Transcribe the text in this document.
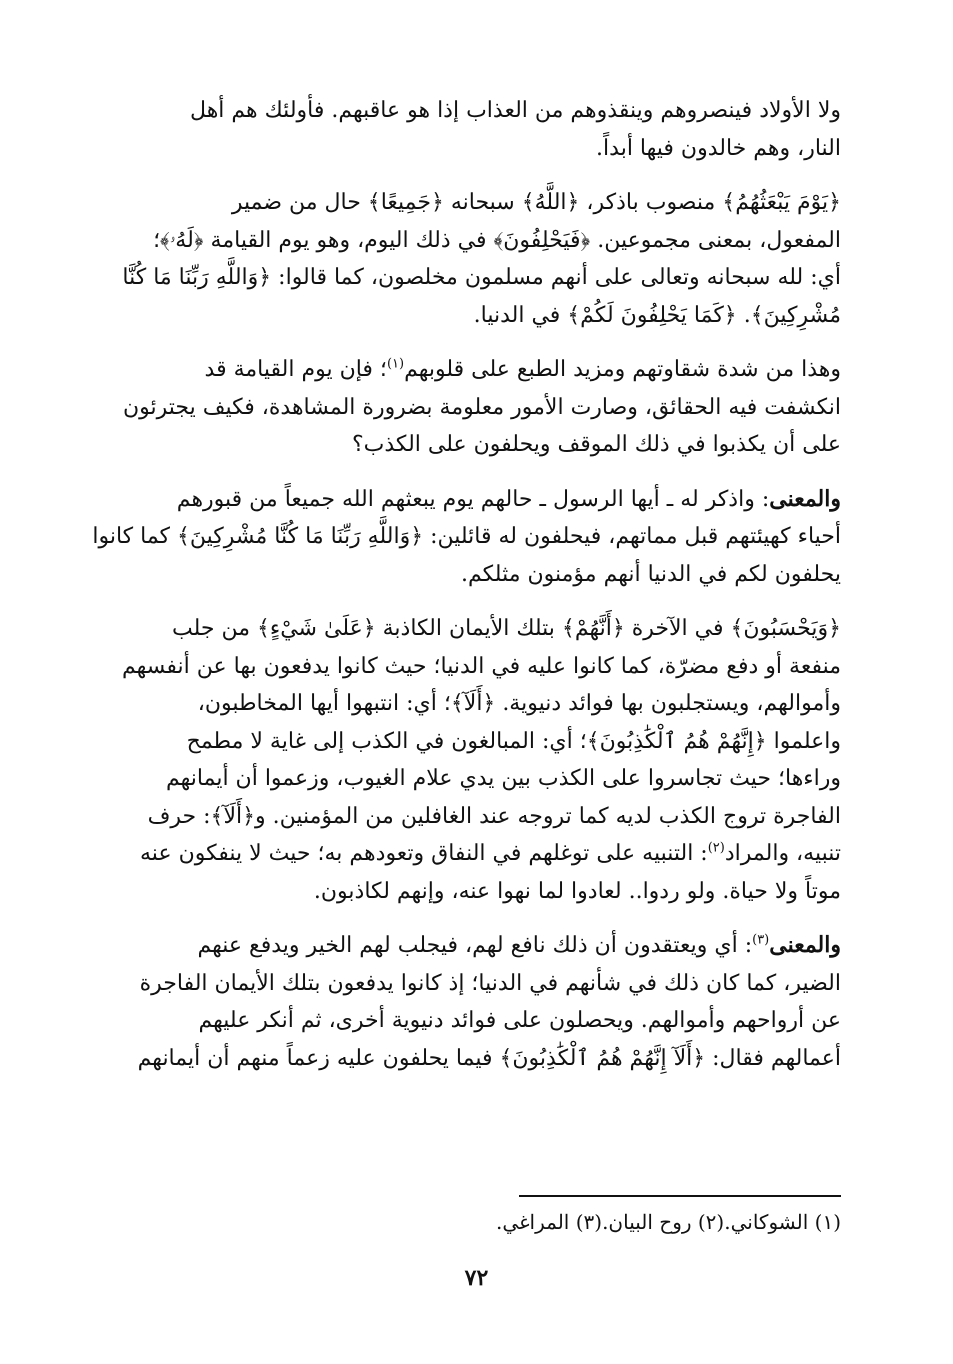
ولا الأولاد فينصروهم وينقذوهم من العذاب إذا هو عاقبهم. فأولئك هم أهل

النار، وهم خالدون فيها أبداً.

﴿يَوْمَ يَبْعَثُهُمُ﴾ منصوب باذكر، ﴿اللَّهُ﴾ سبحانه ﴿جَمِيعًا﴾ حال من ضمير

المفعول، بمعنى مجموعين. ﴿فَيَحْلِفُونَ﴾ في ذلك اليوم، وهو يوم القيامة ﴿لَهُۥ﴾؛

أي: لله سبحانه وتعالى على أنهم مسلمون مخلصون، كما قالوا: ﴿وَاللَّهِ رَبِّنَا مَا كُنَّا

مُشْرِكِينَ﴾. ﴿كَمَا يَحْلِفُونَ لَكُمْ﴾ في الدنيا.

وهذا من شدة شقاوتهم ومزيد الطبع على قلوبهم$^{(١)}$؛ فإن يوم القيامة قد

انكشفت فيه الحقائق، وصارت الأمور معلومة بضرورة المشاهدة، فكيف يجترئون

على أن يكذبوا في ذلك الموقف ويحلفون على الكذب؟

والمعنى: واذكر له ـ أيها الرسول ـ حالهم يوم يبعثهم الله جميعاً من قبورهم

أحياء كهيئتهم قبل مماتهم، فيحلفون له قائلين: ﴿وَاللَّهِ رَبِّنَا مَا كُنَّا مُشْرِكِينَ﴾ كما كانوا

يحلفون لكم في الدنيا أنهم مؤمنون مثلكم.

﴿وَيَحْسَبُونَ﴾ في الآخرة ﴿أَنَّهُمْ﴾ بتلك الأيمان الكاذبة ﴿عَلَىٰ شَيْءٍ﴾ من جلب

منفعة أو دفع مضرّة، كما كانوا عليه في الدنيا؛ حيث كانوا يدفعون بها عن أنفسهم

وأموالهم، ويستجلبون بها فوائد دنيوية. ﴿أَلَآ﴾؛ أي: انتبهوا أيها المخاطبون،

واعلموا ﴿إِنَّهُمْ هُمُ ٱلْكَٰذِبُونَ﴾؛ أي: المبالغون في الكذب إلى غاية لا مطمح

وراءها؛ حيث تجاسروا على الكذب بين يدي علام الغيوب، وزعموا أن أيمانهم

الفاجرة تروج الكذب لديه كما تروجه عند الغافلين من المؤمنين. و﴿أَلَآ﴾: حرف

تنبيه، والمراد$^{(٢)}$: التنبيه على توغلهم في النفاق وتعودهم به؛ حيث لا ينفكون عنه

موتاً ولا حياة. ولو ردوا.. لعادوا لما نهوا عنه، وإنهم لكاذبون.

والمعنى$^{(٣)}$: أي ويعتقدون أن ذلك نافع لهم، فيجلب لهم الخير ويدفع عنهم

الضير، كما كان ذلك في شأنهم في الدنيا؛ إذ كانوا يدفعون بتلك الأيمان الفاجرة

عن أرواحهم وأموالهم. ويحصلون على فوائد دنيوية أخرى، ثم أنكر عليهم

أعمالهم فقال: ﴿أَلَآ إِنَّهُمْ هُمُ ٱلْكَٰذِبُونَ﴾ فيما يحلفون عليه زعماً منهم أن أيمانهم

(١) الشوكاني.
(٢) روح البيان.
(٣) المراغي.
٧٢
